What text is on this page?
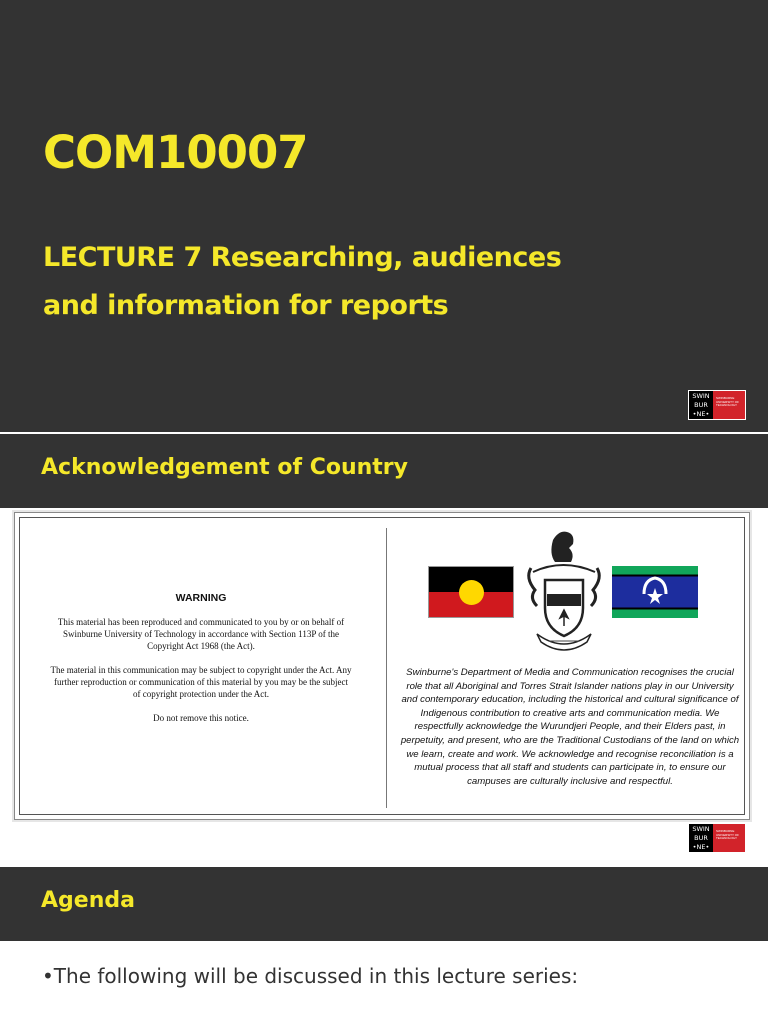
COM10007
LECTURE 7 Researching, audiences and information for reports
SWIN
BUR
•NE•
SWINBURNE UNIVERSITY OF TECHNOLOGY
Acknowledgement of Country

WARNING

This material has been reproduced and communicated to you by or on behalf of Swinburne University of Technology in accordance with Section 113P of the Copyright Act 1968 (the Act).

The material in this communication may be subject to copyright under the Act. Any further reproduction or communication of this material by you may be the subject of copyright protection under the Act.

Do not remove this notice.

Swinburne's Department of Media and Communication recognises the crucial role that all Aboriginal and Torres Strait Islander nations play in our University and contemporary education, including the historical and cultural significance of Indigenous contribution to creative arts and communication media. We respectfully acknowledge the Wurundjeri People, and their Elders past, in perpetuity, and present, who are the Traditional Custodians of the land on which we learn, create and work. We acknowledge and recognise reconciliation is a mutual process that all staff and students can participate in, to ensure our campuses are culturally inclusive and respectful.

SWIN
BUR
•NE•
SWINBURNE UNIVERSITY OF TECHNOLOGY
Agenda

•The following will be discussed in this lecture series:
